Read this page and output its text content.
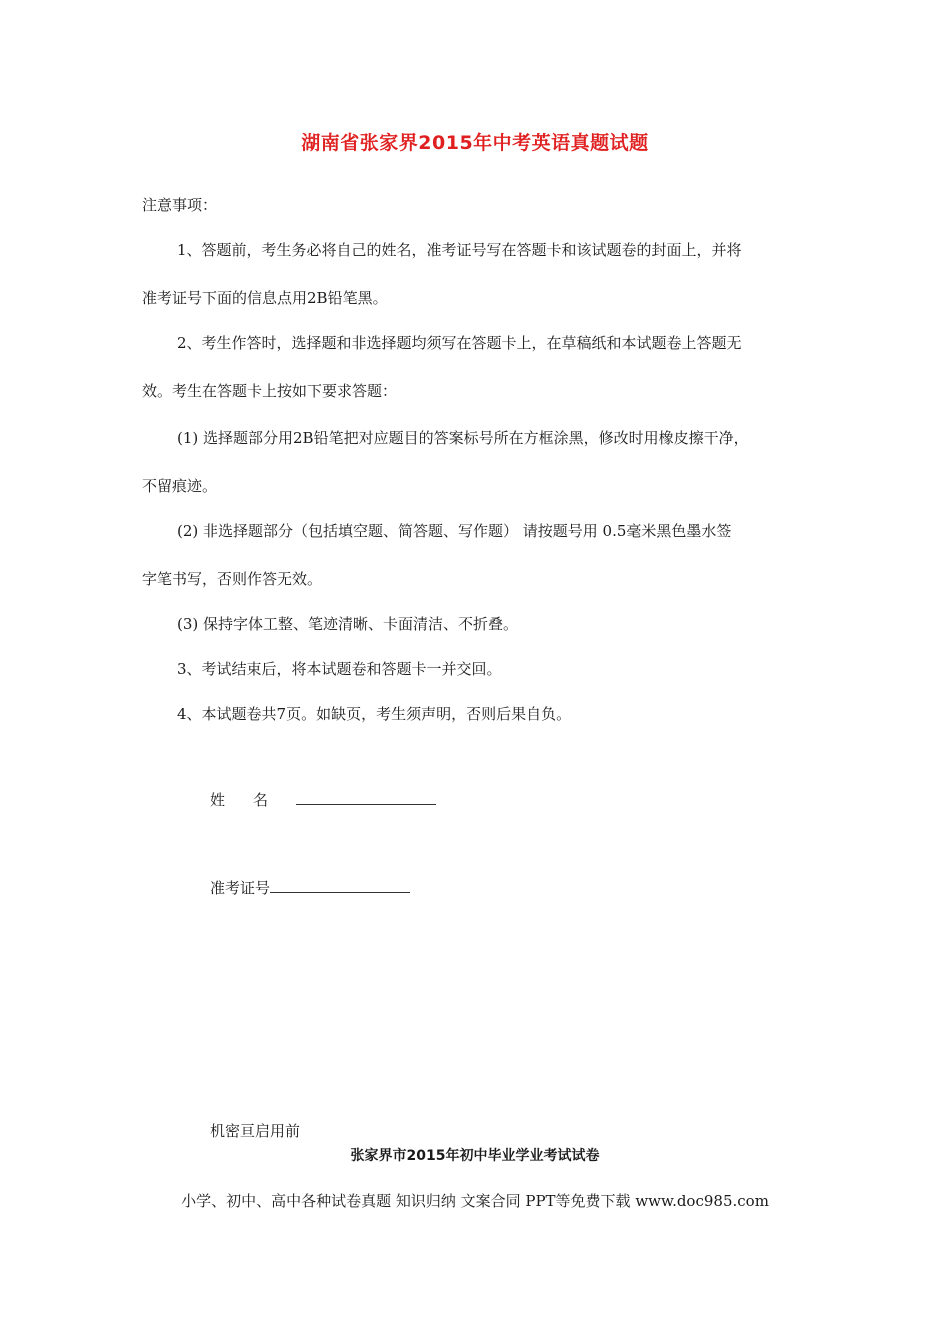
湖南省张家界2015年中考英语真题试题
注意事项：
1、答题前，考生务必将自己的姓名，准考证号写在答题卡和该试题卷的封面上，并将
准考证号下面的信息点用2B铅笔黑。
2、考生作答时，选择题和非选择题均须写在答题卡上，在草稿纸和本试题卷上答题无
效。考生在答题卡上按如下要求答题：
(1) 选择题部分用2B铅笔把对应题目的答案标号所在方框涂黑，修改时用橡皮擦干净，
不留痕迹。
(2) 非选择题部分（包括填空题、简答题、写作题） 请按题号用 0.5毫米黑色墨水签
字笔书写，否则作答无效。
(3) 保持字体工整、笔迹清晰、卡面清洁、不折叠。
3、考试结束后，将本试题卷和答题卡一并交回。
4、本试题卷共7页。如缺页，考生须声明，否则后果自负。
姓名
准考证号
机密亘启用前
张家界市2015年初中毕业学业考试试卷
小学、初中、高中各种试卷真题 知识归纳 文案合同 PPT等免费下载 www.doc985.com
